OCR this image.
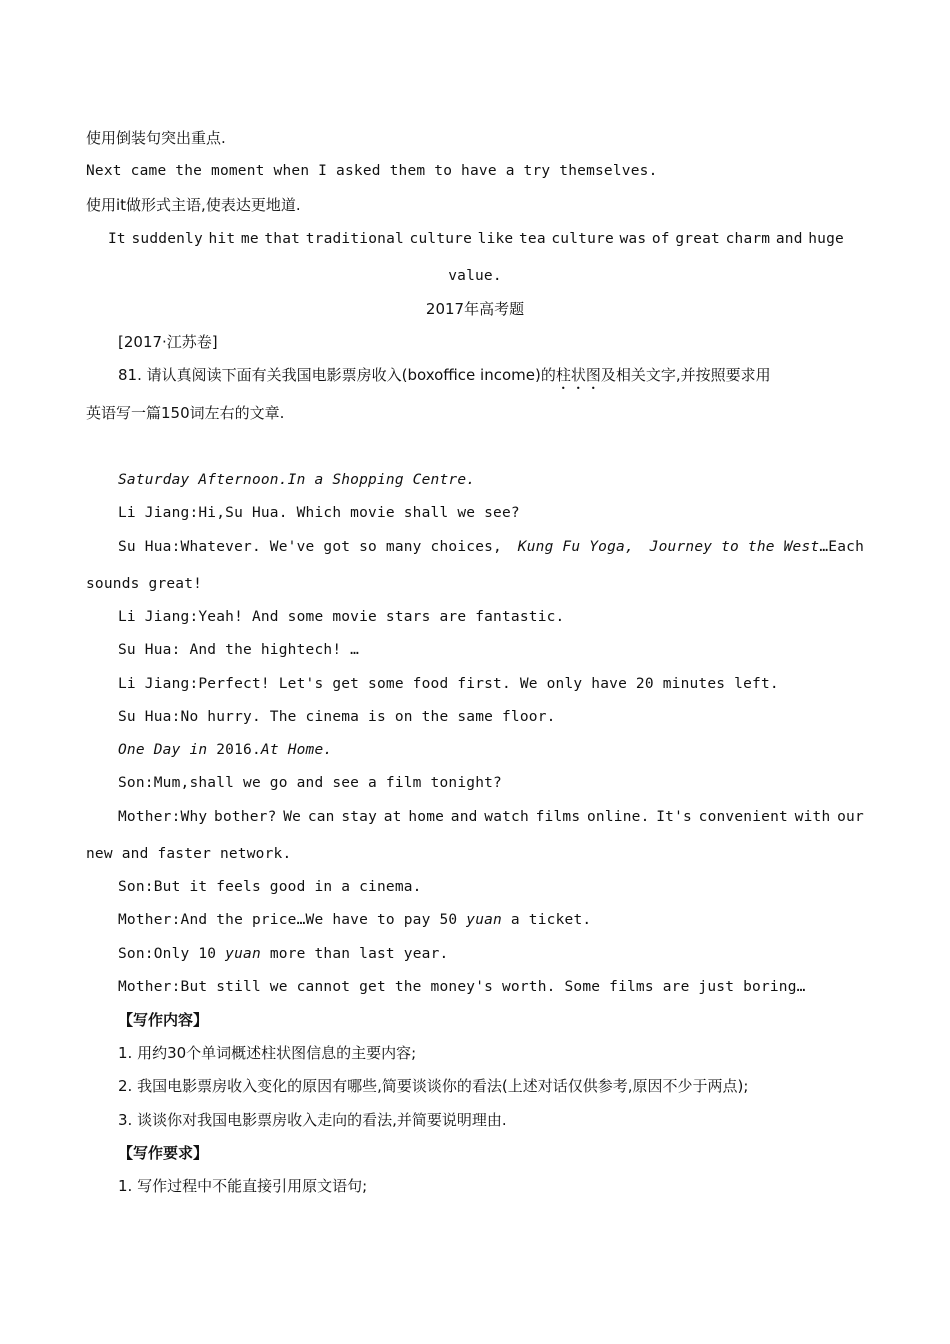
使用倒装句突出重点.
Next came the moment when I asked them to have a try themselves.
使用it做形式主语,使表达更地道.
It suddenly hit me that traditional culture like tea culture was of great charm and huge
value.
2017年高考题
[2017·江苏卷]
81. 请认真阅读下面有关我国电影票房收入(boxoffice income)的柱状图及相关文字,并按照要求用
英语写一篇150词左右的文章.
Saturday Afternoon.In a Shopping Centre.
Li Jiang:Hi,Su Hua. Which movie shall we see?
Su Hua:Whatever. We've got so many choices, Kung Fu Yoga, Journey to the West…Each
sounds great!
Li Jiang:Yeah! And some movie stars are fantastic.
Su Hua: And the hightech! …
Li Jiang:Perfect! Let's get some food first. We only have 20 minutes left.
Su Hua:No hurry. The cinema is on the same floor.
One Day in 2016.At Home.
Son:Mum,shall we go and see a film tonight?
Mother:Why bother? We can stay at home and watch films online. It's convenient with our
new and faster network.
Son:But it feels good in a cinema.
Mother:And the price…We have to pay 50 yuan a ticket.
Son:Only 10 yuan more than last year.
Mother:But still we cannot get the money's worth. Some films are just boring…
【写作内容】
1. 用约30个单词概述柱状图信息的主要内容;
2. 我国电影票房收入变化的原因有哪些,简要谈谈你的看法(上述对话仅供参考,原因不少于两点);
3. 谈谈你对我国电影票房收入走向的看法,并简要说明理由.
【写作要求】
1. 写作过程中不能直接引用原文语句;
